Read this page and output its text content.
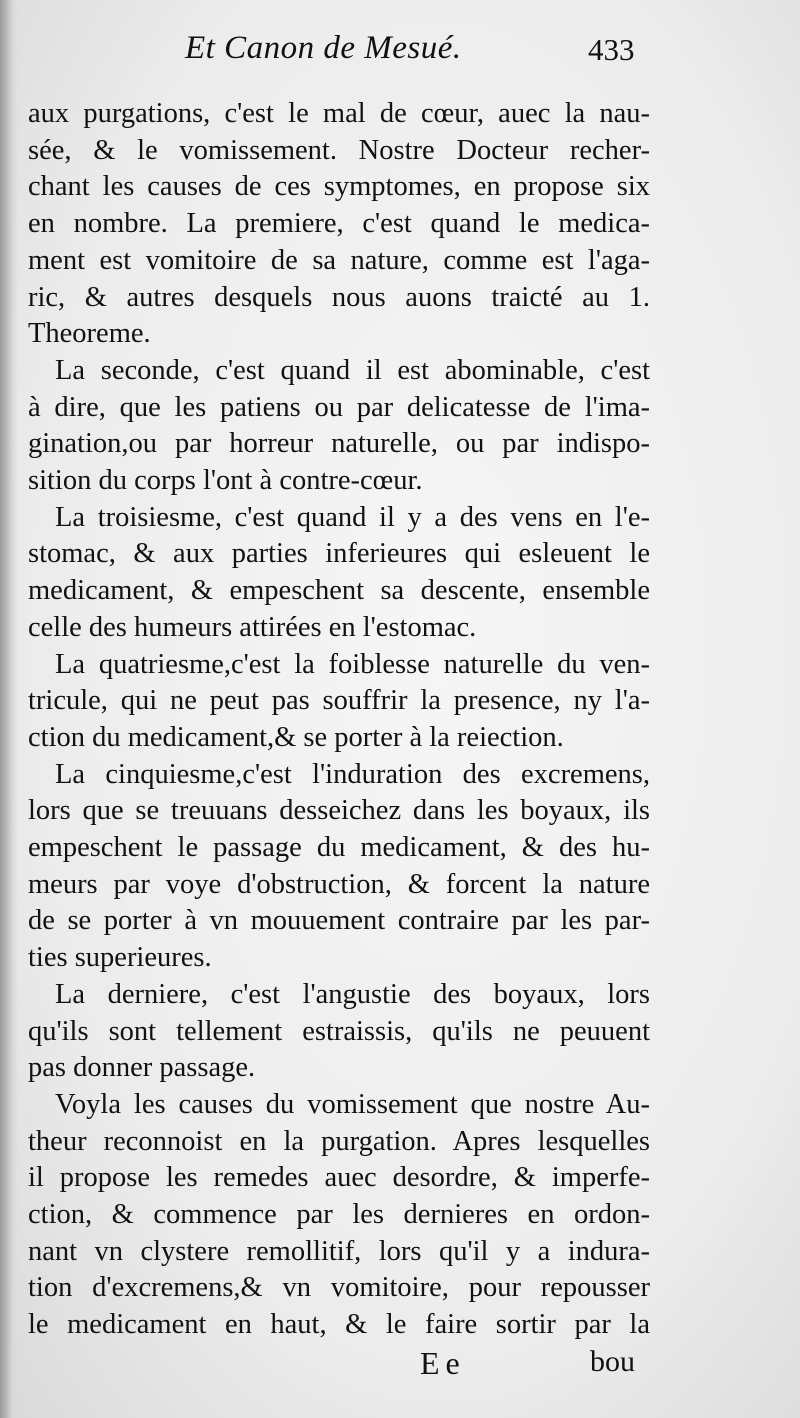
Et Canon de Mesué.	433
aux purgations, c'est le mal de cœur, auec la nau-
sée, & le vomissement. Nostre Docteur recher-
chant les causes de ces symptomes, en propose six
en nombre. La premiere, c'est quand le medica-
ment est vomitoire de sa nature, comme est l'aga-
ric, & autres desquels nous auons traicté au 1.
Theoreme.
La seconde, c'est quand il est abominable, c'est
à dire, que les patiens ou par delicatesse de l'ima-
gination,ou par horreur naturelle, ou par indispo-
sition du corps l'ont à contre-cœur.
La troisiesme, c'est quand il y a des vens en l'e-
stomac, & aux parties inferieures qui esleuent le
medicament, & empeschent sa descente, ensemble
celle des humeurs attirées en l'estomac.
La quatriesme,c'est la foiblesse naturelle du ven-
tricule, qui ne peut pas souffrir la presence, ny l'a-
ction du medicament,& se porter à la reiection.
La cinquiesme,c'est l'induration des excremens,
lors que se treuuans desseichez dans les boyaux, ils
empeschent le passage du medicament, & des hu-
meurs par voye d'obstruction, & forcent la nature
de se porter à vn mouuement contraire par les par-
ties superieures.
La derniere, c'est l'angustie des boyaux, lors
qu'ils sont tellement estraissis, qu'ils ne peuuent
pas donner passage.
Voyla les causes du vomissement que nostre Au-
theur reconnoist en la purgation. Apres lesquelles
il propose les remedes auec desordre, & imperfe-
ction, & commence par les dernieres en ordon-
nant vn clystere remollitif, lors qu'il y a indura-
tion d'excremens,& vn vomitoire, pour repousser
le medicament en haut, & le faire sortir par la
Ee	bou
